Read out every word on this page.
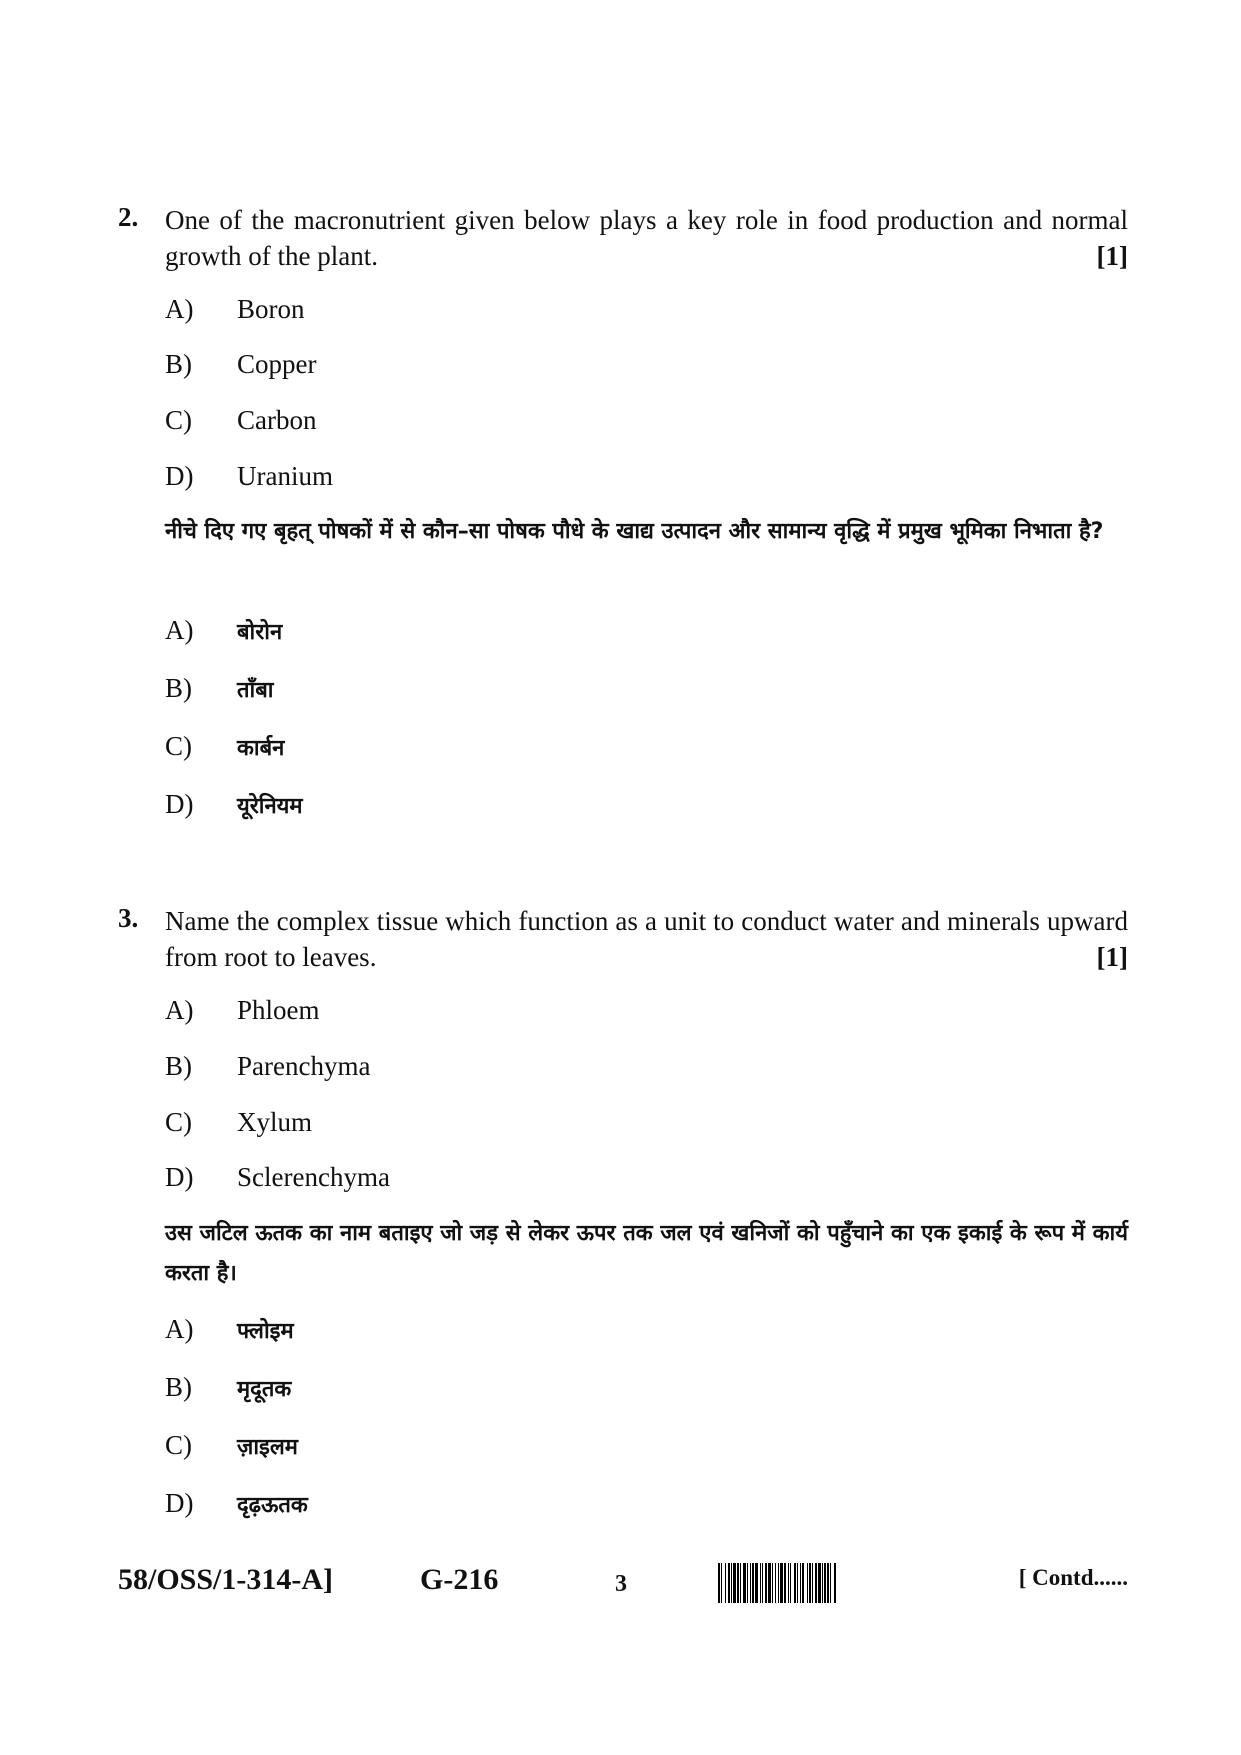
2. One of the macronutrient given below plays a key role in food production and normal growth of the plant.	[1]
A) Boron
B) Copper
C) Carbon
D) Uranium
नीचे दिए गए बृहत् पोषकों में से कौन–सा पोषक पौधे के खाद्य उत्पादन और सामान्य वृद्धि में प्रमुख भूमिका निभाता है?
A) बोरोन
B) ताँबा
C) कार्बन
D) यूरेनियम
3. Name the complex tissue which function as a unit to conduct water and minerals upward from root to leaves.	[1]
A) Phloem
B) Parenchyma
C) Xylum
D) Sclerenchyma
उस जटिल ऊतक का नाम बताइए जो जड़ से लेकर ऊपर तक जल एवं खनिजों को पहुँचाने का एक इकाई के रूप में कार्य करता है।
A) फ्लोइम
B) मृदूतक
C) ज़ाइलम
D) दृढ़ऊतक
58/OSS/1-314-A]	G-216	3	[ Contd......
